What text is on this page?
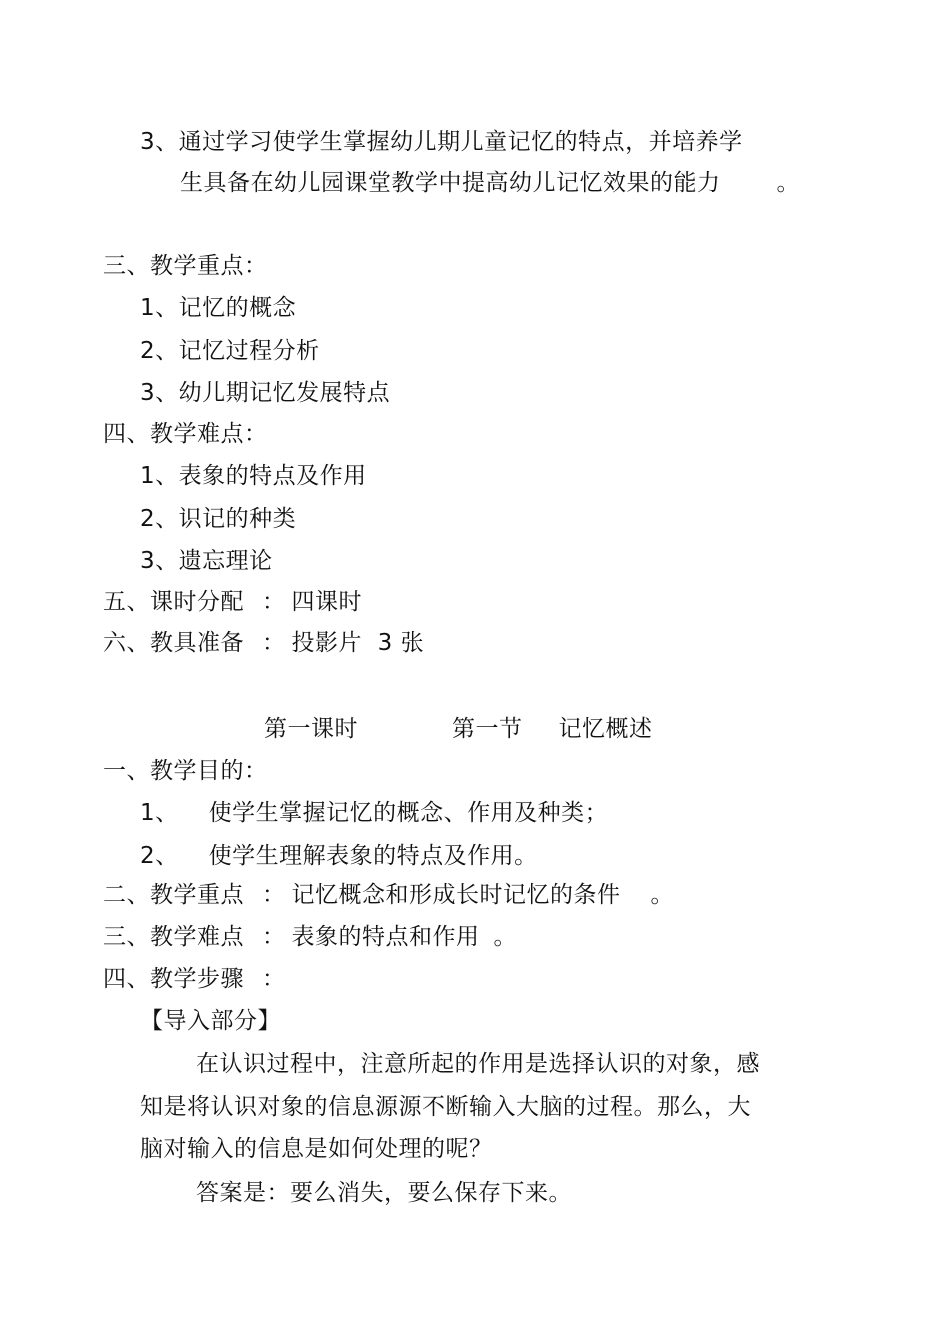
3、通过学习使学生掌握幼儿期儿童记忆的特点，并培养学
生具备在幼儿园课堂教学中提高幼儿记忆效果的能力 。
三、教学重点：
1、记忆的概念
2、记忆过程分析
3、幼儿期记忆发展特点
四、教学难点：
1、表象的特点及作用
2、识记的种类
3、遗忘理论
五、课时分配 ： 四课时
六、教具准备 ： 投影片  3 张
第一课时	第一节 记忆概述
一、教学目的：
1、 使学生掌握记忆的概念、作用及种类；
2、 使学生理解表象的特点及作用。
二、教学重点 ： 记忆概念和形成长时记忆的条件 。
三、教学难点 ： 表象的特点和作用 。
四、教学步骤 ：
【导入部分】
在认识过程中，注意所起的作用是选择认识的对象，感
知是将认识对象的信息源源不断输入大脑的过程。那么，大
脑对输入的信息是如何处理的呢？
答案是：要么消失，要么保存下来。
